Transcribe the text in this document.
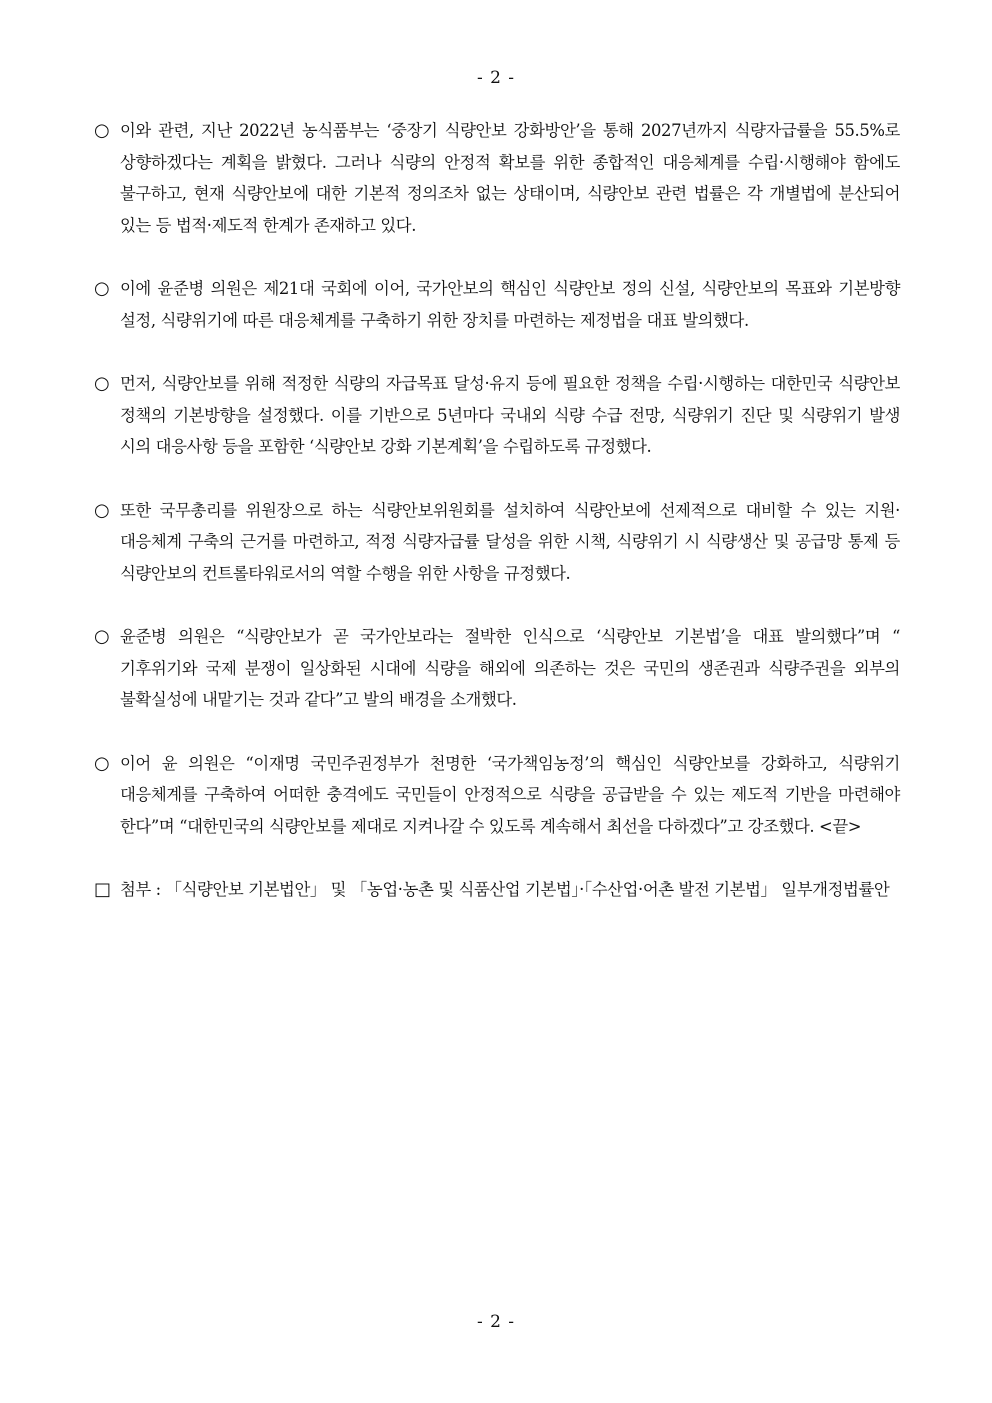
- 2 -
○ 이와 관련, 지난 2022년 농식품부는 ‘중장기 식량안보 강화방안’을 통해 2027년까지 식량자급률을 55.5%로 상향하겠다는 계획을 밝혔다. 그러나 식량의 안정적 확보를 위한 종합적인 대응체계를 수립·시행해야 함에도 불구하고, 현재 식량안보에 대한 기본적 정의조차 없는 상태이며, 식량안보 관련 법률은 각 개별법에 분산되어 있는 등 법적·제도적 한계가 존재하고 있다.
○ 이에 윤준병 의원은 제21대 국회에 이어, 국가안보의 핵심인 식량안보 정의 신설, 식량안보의 목표와 기본방향 설정, 식량위기에 따른 대응체계를 구축하기 위한 장치를 마련하는 제정법을 대표 발의했다.
○ 먼저, 식량안보를 위해 적정한 식량의 자급목표 달성·유지 등에 필요한 정책을 수립·시행하는 대한민국 식량안보 정책의 기본방향을 설정했다. 이를 기반으로 5년마다 국내외 식량 수급 전망, 식량위기 진단 및 식량위기 발생 시의 대응사항 등을 포함한 ‘식량안보 강화 기본계획’을 수립하도록 규정했다.
○ 또한 국무총리를 위원장으로 하는 식량안보위원회를 설치하여 식량안보에 선제적으로 대비할 수 있는 지원·대응체계 구축의 근거를 마련하고, 적정 식량자급률 달성을 위한 시책, 식량위기 시 식량생산 및 공급망 통제 등 식량안보의 컨트롤타워로서의 역할 수행을 위한 사항을 규정했다.
○ 윤준병 의원은 “식량안보가 곧 국가안보라는 절박한 인식으로 ‘식량안보 기본법’을 대표 발의했다”며 “ 기후위기와 국제 분쟁이 일상화된 시대에 식량을 해외에 의존하는 것은 국민의 생존권과 식량주권을 외부의 불확실성에 내맡기는 것과 같다”고 발의 배경을 소개했다.
○ 이어 윤 의원은 “이재명 국민주권정부가 천명한 ‘국가책임농정’의 핵심인 식량안보를 강화하고, 식량위기 대응체계를 구축하여 어떠한 충격에도 국민들이 안정적으로 식량을 공급받을 수 있는 제도적 기반을 마련해야 한다”며 “대한민국의 식량안보를 제대로 지켜나갈 수 있도록 계속해서 최선을 다하겠다”고 강조했다. <끝>
□ 첨부 : 「식량안보 기본법안」 및 「농업·농촌 및 식품산업 기본법」·「수산업·어촌 발전 기본법」 일부개정법률안
- 2 -
